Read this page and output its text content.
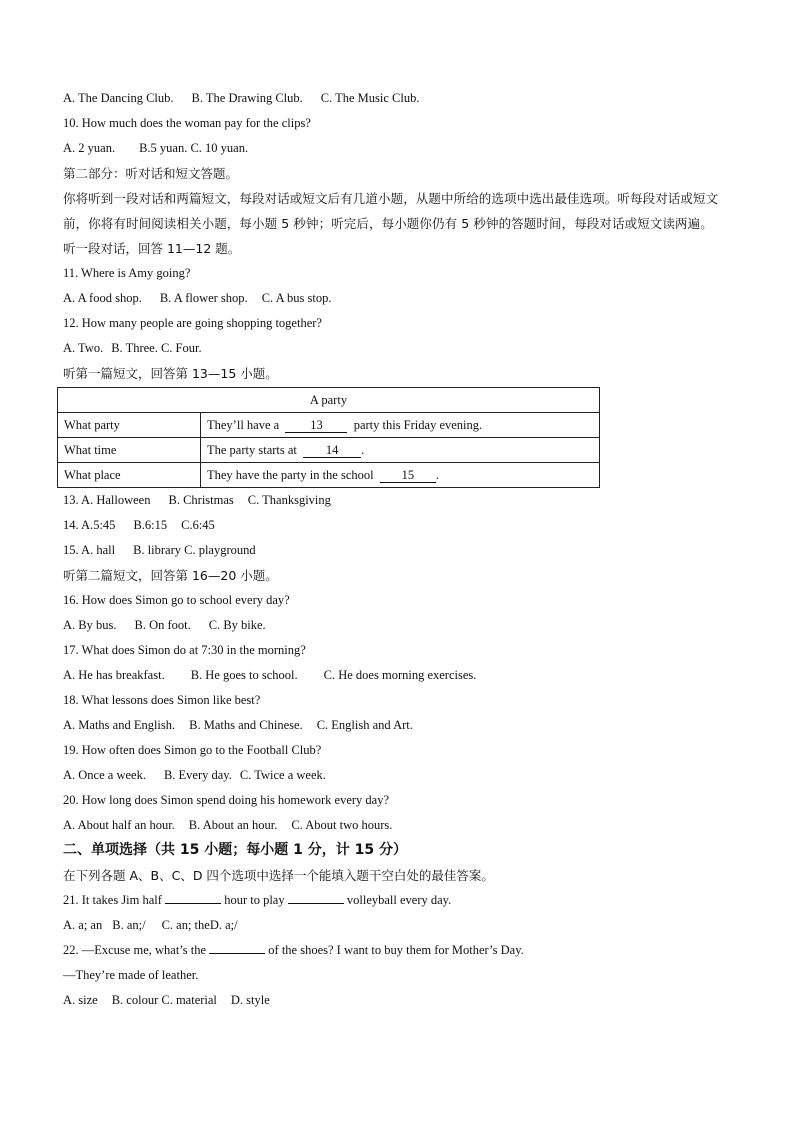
A. The Dancing Club. B. The Drawing Club. C. The Music Club.
10. How much does the woman pay for the clips?
A. 2 yuan. B.5 yuan. C. 10 yuan.
第二部分：听对话和短文答题。
你将听到一段对话和两篇短文，每段对话或短文后有几道小题，从题中所给的选项中选出最佳选项。听每段对话或短文前，你将有时间阅读相关小题，每小题 5 秒钟；听完后，每小题你仍有 5 秒钟的答题时间，每段对话或短文读两遍。
听一段对话，回答 11—12 题。
11. Where is Amy going?
A. A food shop. B. A flower shop. C. A bus stop.
12. How many people are going shopping together?
A. Two. B. Three. C. Four.
听第一篇短文，回答第 13—15 小题。
A party	
What party	They’ll have a 13 party this Friday evening.
What time	The party starts at 14 .
What place	They have the party in the school 15 .
13. A. Halloween B. Christmas C. Thanksgiving
14. A.5:45 B.6:15 C.6:45
15. A. hall B. library C. playground
听第二篇短文，回答第 16—20 小题。
16. How does Simon go to school every day?
A. By bus. B. On foot. C. By bike.
17. What does Simon do at 7:30 in the morning?
A. He has breakfast. B. He goes to school. C. He does morning exercises.
18. What lessons does Simon like best?
A. Maths and English. B. Maths and Chinese. C. English and Art.
19. How often does Simon go to the Football Club?
A. Once a week. B. Every day. C. Twice a week.
20. How long does Simon spend doing his homework every day?
A. About half an hour. B. About an hour. C. About two hours.
二、单项选择（共 15 小题；每小题 1 分，计 15 分）
在下列各题 A、B、C、D 四个选项中选择一个能填入题干空白处的最佳答案。
21. It takes Jim half	hour to play	volleyball every day.
A. a; an B. an;/ C. an; theD. a;/
22. —Excuse me, what’s the	of the shoes? I want to buy them for Mother’s Day.
—They’re made of leather.
A. size B. colour C. material D. style
